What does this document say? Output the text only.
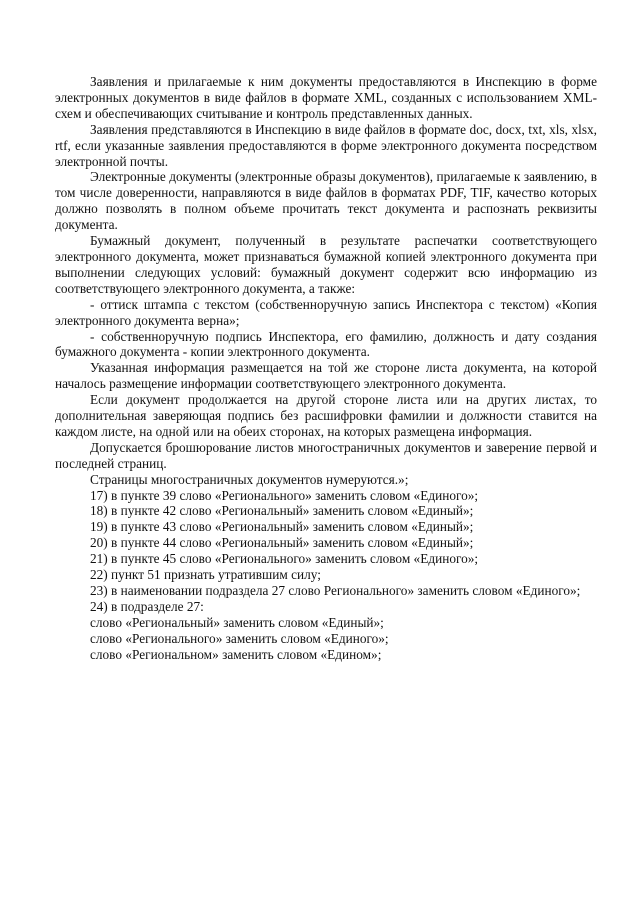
Заявления и прилагаемые к ним документы предоставляются в Инспекцию в форме электронных документов в виде файлов в формате XML, созданных с использованием XML-схем и обеспечивающих считывание и контроль представленных данных.

Заявления представляются в Инспекцию в виде файлов в формате doc, docx, txt, xls, xlsx, rtf, если указанные заявления предоставляются в форме электронного документа посредством электронной почты.

Электронные документы (электронные образы документов), прилагаемые к заявлению, в том числе доверенности, направляются в виде файлов в форматах PDF, TIF, качество которых должно позволять в полном объеме прочитать текст документа и распознать реквизиты документа.

Бумажный документ, полученный в результате распечатки соответствующего электронного документа, может признаваться бумажной копией электронного документа при выполнении следующих условий: бумажный документ содержит всю информацию из соответствующего электронного документа, а также:

- оттиск штампа с текстом (собственноручную запись Инспектора с текстом) «Копия электронного документа верна»;

- собственноручную подпись Инспектора, его фамилию, должность и дату создания бумажного документа - копии электронного документа.

Указанная информация размещается на той же стороне листа документа, на которой началось размещение информации соответствующего электронного документа.

Если документ продолжается на другой стороне листа или на других листах, то дополнительная заверяющая подпись без расшифровки фамилии и должности ставится на каждом листе, на одной или на обеих сторонах, на которых размещена информация.

Допускается брошюрование листов многостраничных документов и заверение первой и последней страниц.

Страницы многостраничных документов нумеруются.»;

17) в пункте 39 слово «Регионального» заменить словом «Единого»;

18) в пункте 42 слово «Региональный» заменить словом «Единый»;

19) в пункте 43 слово «Региональный» заменить словом «Единый»;

20) в пункте 44 слово «Региональный» заменить словом «Единый»;

21) в пункте 45 слово «Регионального» заменить словом «Единого»;

22) пункт 51 признать утратившим силу;

23) в наименовании подраздела 27 слово Регионального» заменить словом «Единого»;

24) в подразделе 27:

слово «Региональный» заменить словом «Единый»;

слово «Регионального» заменить словом «Единого»;

слово «Региональном» заменить словом «Едином»;
